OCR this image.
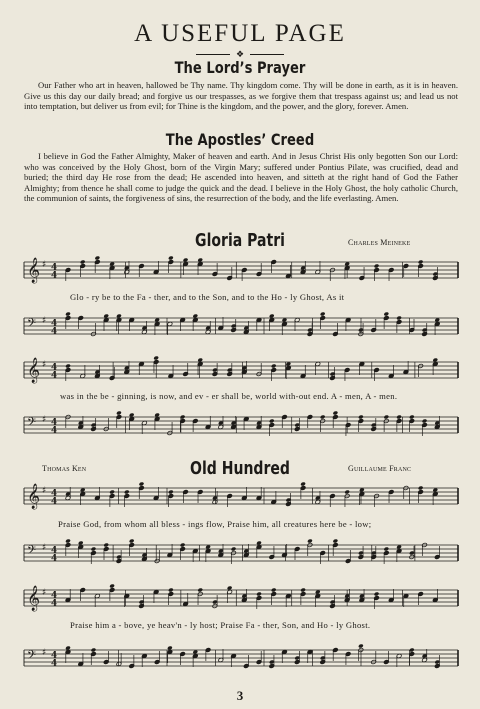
A USEFUL PAGE
❖
The Lord’s Prayer
Our Father who art in heaven, hallowed be Thy name. Thy kingdom come. Thy will be done in earth, as it is in heaven. Give us this day our daily bread; and forgive us our trespasses, as we forgive them that trespass against us; and lead us not into temptation, but deliver us from evil; for Thine is the kingdom, and the power, and the glory, forever. Amen.
The Apostles’ Creed
I believe in God the Father Almighty, Maker of heaven and earth. And in Jesus Christ His only begotten Son our Lord: who was conceived by the Holy Ghost, born of the Virgin Mary; suffered under Pontius Pilate, was crucified, dead and buried; the third day He rose from the dead; He ascended into heaven, and sitteth at the right hand of God the Father Almighty; from thence he shall come to judge the quick and the dead. I believe in the Holy Ghost, the holy catholic Church, the communion of saints, the forgiveness of sins, the resurrection of the body, and the life everlasting. Amen.
Gloria Patri	Charles Meineke
𝄞 ♯ 4
4
Glo - ry be to the Fa - ther, and to the Son, and to the Ho - ly Ghost, As it
𝄢 ♯ 4
4
𝄞 ♯ 4
4
was in the be - ginning, is now, and ev - er shall be, world with-out end. A - men, A - men.
𝄢 ♯ 4
4
Thomas Ken	Old Hundred	Guillaume Franc
𝄞 ♯ 4
4
Praise God, from whom all bless - ings flow, Praise him, all creatures here be - low;
𝄢 ♯ 4
4
𝄞 ♯ 4
4
Praise him a - bove, ye heav'n - ly host; Praise Fa - ther, Son, and Ho - ly Ghost.
𝄢 ♯ 4
4
3
